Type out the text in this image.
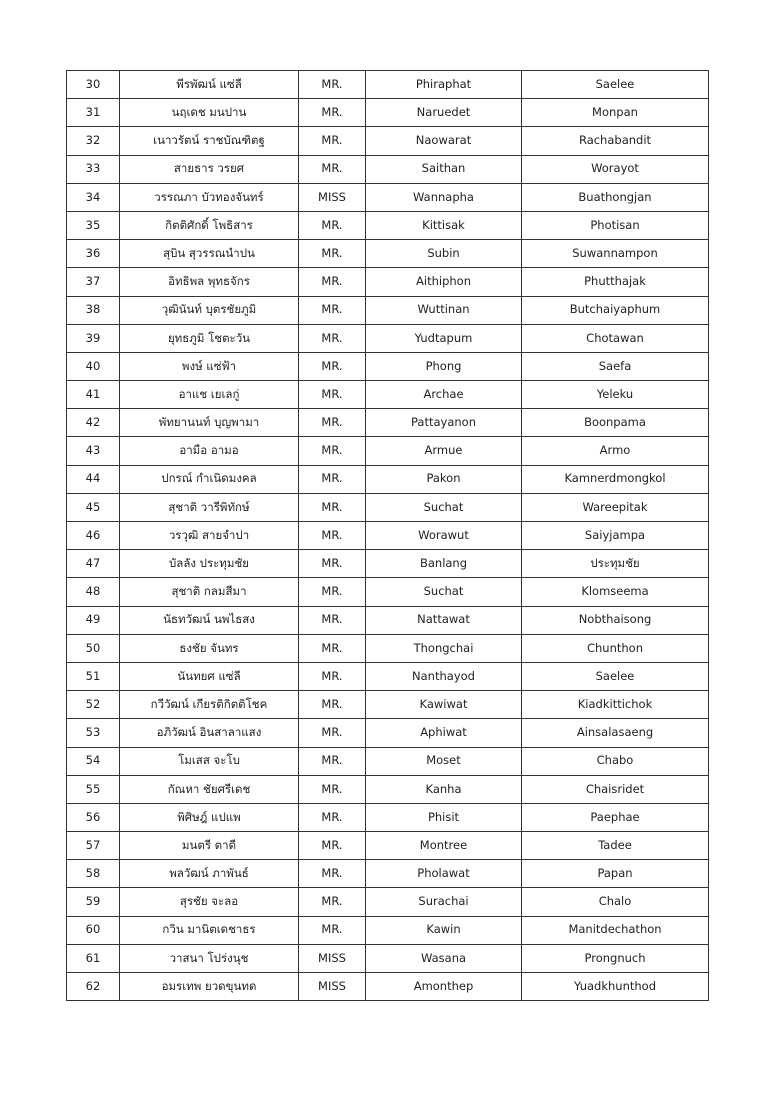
30	พีรพัฒน์ แซ่ลี	MR.	Phiraphat	Saelee
31	นฤเดช มนปาน	MR.	Naruedet	Monpan
32	เนาวรัตน์ ราชบัณฑิตฐ	MR.	Naowarat	Rachabandit
33	สายธาร วรยศ	MR.	Saithan	Worayot
34	วรรณภา บัวทองจันทร์	MISS	Wannapha	Buathongjan
35	กิตติศักดิ์ โพธิสาร	MR.	Kittisak	Photisan
36	สุบิน สุวรรณนำปน	MR.	Subin	Suwannampon
37	อิทธิพล พุทธจักร	MR.	Aithiphon	Phutthajak
38	วุฒินันท์ บุตรชัยภูมิ	MR.	Wuttinan	Butchaiyaphum
39	ยุทธภูมิ โชตะวัน	MR.	Yudtapum	Chotawan
40	พงษ์ แซ่ฟ้า	MR.	Phong	Saefa
41	อาแช เยเลกู่	MR.	Archae	Yeleku
42	พัทยานนท์ บุญพามา	MR.	Pattayanon	Boonpama
43	อามือ อามอ	MR.	Armue	Armo
44	ปกรณ์ กำเนิดมงคล	MR.	Pakon	Kamnerdmongkol
45	สุชาติ วารีพิทักษ์	MR.	Suchat	Wareepitak
46	วรวุฒิ สายจำปา	MR.	Worawut	Saiyjampa
47	บัลลัง ประทุมชัย	MR.	Banlang	ประทุมชัย
48	สุชาติ กลมสีมา	MR.	Suchat	Klomseema
49	นัธทวัฒน์ นพไธสง	MR.	Nattawat	Nobthaisong
50	ธงชัย จันทร	MR.	Thongchai	Chunthon
51	นันทยศ แซ่ลี	MR.	Nanthayod	Saelee
52	กวีวัฒน์ เกียรติกิตติโชค	MR.	Kawiwat	Kiadkittichok
53	อภิวัฒน์ อินสาลาแสง	MR.	Aphiwat	Ainsalasaeng
54	โมเสส จะโบ	MR.	Moset	Chabo
55	กัณหา ชัยศรีเดช	MR.	Kanha	Chaisridet
56	พิศิษฎ์ แปแพ	MR.	Phisit	Paephae
57	มนตรี ตาดี	MR.	Montree	Tadee
58	พลวัฒน์ ภาพันธ์	MR.	Pholawat	Papan
59	สุรชัย จะลอ	MR.	Surachai	Chalo
60	กวิน มานิตเดชาธร	MR.	Kawin	Manitdechathon
61	วาสนา โปร่งนุช	MISS	Wasana	Prongnuch
62	อมรเทพ ยวดขุนทด	MISS	Amonthep	Yuadkhunthod
